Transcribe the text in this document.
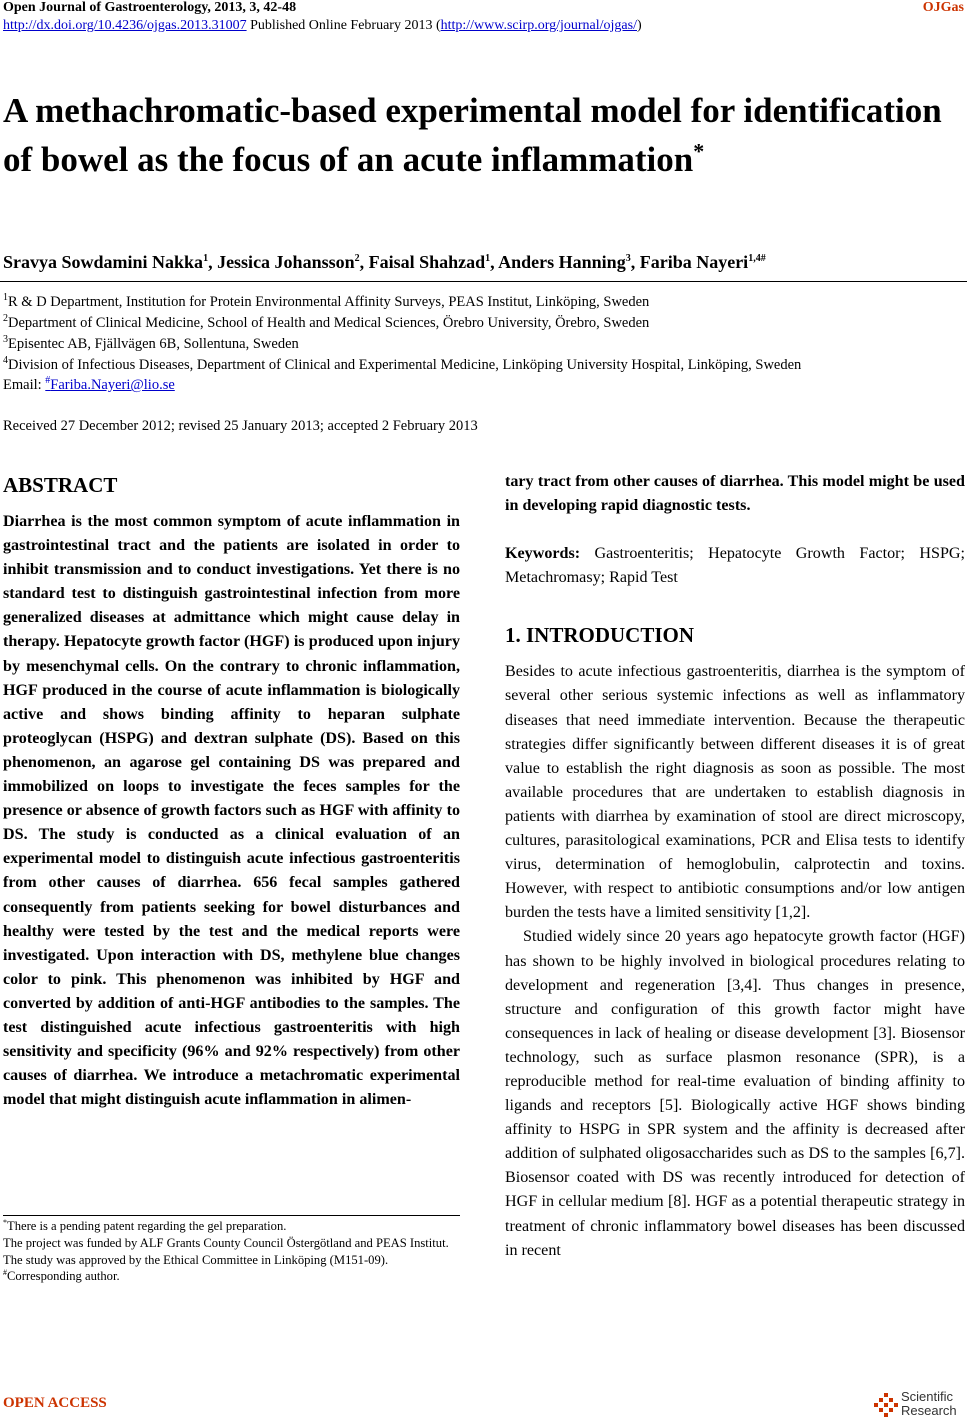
Open Journal of Gastroenterology, 2013, 3, 42-48	OJGas
http://dx.doi.org/10.4236/ojgas.2013.31007 Published Online February 2013 (http://www.scirp.org/journal/ojgas/)
A methachromatic-based experimental model for identification of bowel as the focus of an acute inflammation*
Sravya Sowdamini Nakka$^1$, Jessica Johansson$^2$, Faisal Shahzad$^1$, Anders Hanning$^3$, Fariba Nayeri$^{1,4\#}$
$^1$R & D Department, Institution for Protein Environmental Affinity Surveys, PEAS Institut, Linköping, Sweden
$^2$Department of Clinical Medicine, School of Health and Medical Sciences, Örebro University, Örebro, Sweden
$^3$Episentec AB, Fjällvägen 6B, Sollentuna, Sweden
$^4$Division of Infectious Diseases, Department of Clinical and Experimental Medicine, Linköping University Hospital, Linköping, Sweden
Email: #Fariba.Nayeri@lio.se
Received 27 December 2012; revised 25 January 2013; accepted 2 February 2013
ABSTRACT

Diarrhea is the most common symptom of acute inflammation in gastrointestinal tract and the patients are isolated in order to inhibit transmission and to conduct investigations. Yet there is no standard test to distinguish gastrointestinal infection from more generalized diseases at admittance which might cause delay in therapy. Hepatocyte growth factor (HGF) is produced upon injury by mesenchymal cells. On the contrary to chronic inflammation, HGF produced in the course of acute inflammation is biologically active and shows binding affinity to heparan sulphate proteoglycan (HSPG) and dextran sulphate (DS). Based on this phenomenon, an agarose gel containing DS was prepared and immobilized on loops to investigate the feces samples for the presence or absence of growth factors such as HGF with affinity to DS. The study is conducted as a clinical evaluation of an experimental model to distinguish acute infectious gastroenteritis from other causes of diarrhea. 656 fecal samples gathered consequently from patients seeking for bowel disturbances and healthy were tested by the test and the medical reports were investigated. Upon interaction with DS, methylene blue changes color to pink. This phenomenon was inhibited by HGF and converted by addition of anti-HGF antibodies to the samples. The test distinguished acute infectious gastroenteritis with high sensitivity and specificity (96% and 92% respectively) from other causes of diarrhea. We introduce a metachromatic experimental model that might distinguish acute inflammation in alimen-

*There is a pending patent regarding the gel preparation.

The project was funded by ALF Grants County Council Östergötland and PEAS Institut.

The study was approved by the Ethical Committee in Linköping (M151-09).

#Corresponding author.

tary tract from other causes of diarrhea. This model might be used in developing rapid diagnostic tests.

Keywords: Gastroenteritis; Hepatocyte Growth Factor; HSPG; Metachromasy; Rapid Test

1. INTRODUCTION

Besides to acute infectious gastroenteritis, diarrhea is the symptom of several other serious systemic infections as well as inflammatory diseases that need immediate intervention. Because the therapeutic strategies differ significantly between different diseases it is of great value to establish the right diagnosis as soon as possible. The most available procedures that are undertaken to establish diagnosis in patients with diarrhea by examination of stool are direct microscopy, cultures, parasitological examinations, PCR and Elisa tests to identify virus, determination of hemoglobulin, calprotectin and toxins. However, with respect to antibiotic consumptions and/or low antigen burden the tests have a limited sensitivity [1,2].

Studied widely since 20 years ago hepatocyte growth factor (HGF) has shown to be highly involved in biological procedures relating to development and regeneration [3,4]. Thus changes in presence, structure and configuration of this growth factor might have consequences in lack of healing or disease development [3]. Biosensor technology, such as surface plasmon resonance (SPR), is a reproducible method for real-time evaluation of binding affinity to ligands and receptors [5]. Biologically active HGF shows binding affinity to HSPG in SPR system and the affinity is decreased after addition of sulphated oligosaccharides such as DS to the samples [6,7]. Biosensor coated with DS was recently introduced for detection of HGF in cellular medium [8]. HGF as a potential therapeutic strategy in treatment of chronic inflammatory bowel diseases has been discussed in recent

OPEN ACCESS	Scientific
Research
